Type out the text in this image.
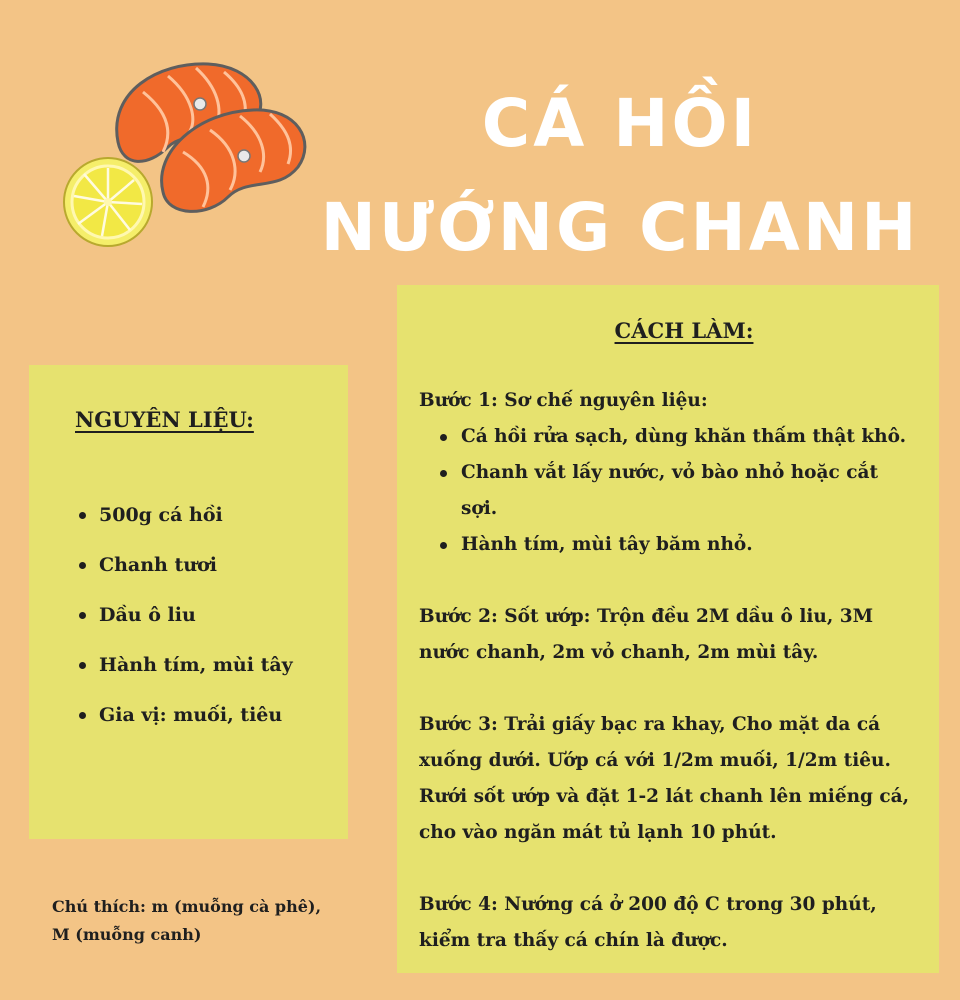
CÁ HỒI
NƯỚNG CHANH
NGUYÊN LIỆU:
500g cá hồi
Chanh tươi
Dầu ô liu
Hành tím, mùi tây
Gia vị: muối, tiêu
Chú thích: m (muỗng cà phê),
M (muỗng canh)
CÁCH LÀM:

Bước 1: Sơ chế nguyên liệu:

Cá hồi rửa sạch, dùng khăn thấm thật khô.
Chanh vắt lấy nước, vỏ bào nhỏ hoặc cắt sợi.
Hành tím, mùi tây băm nhỏ.

Bước 2: Sốt ướp: Trộn đều 2M dầu ô liu, 3M nước chanh, 2m vỏ chanh, 2m mùi tây.

Bước 3: Trải giấy bạc ra khay, Cho mặt da cá xuống dưới. Ướp cá với 1/2m muối, 1/2m tiêu. Rưới sốt ướp và đặt 1-2 lát chanh lên miếng cá, cho vào ngăn mát tủ lạnh 10 phút.

Bước 4: Nướng cá ở 200 độ C trong 30 phút, kiểm tra thấy cá chín là được.
